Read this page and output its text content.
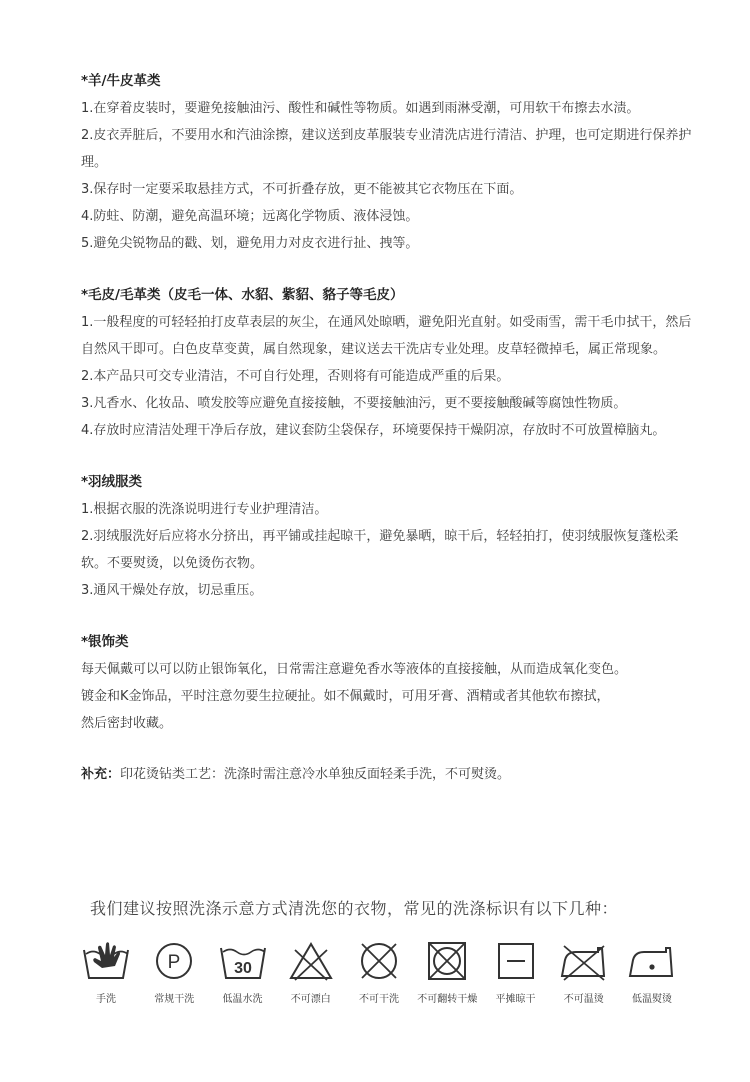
*羊/牛皮革类

1.在穿着皮装时，要避免接触油污、酸性和碱性等物质。如遇到雨淋受潮，可用软干布擦去水渍。

2.皮衣弄脏后，不要用水和汽油涂擦，建议送到皮革服装专业清洗店进行清洁、护理，也可定期进行保养护理。

3.保存时一定要采取悬挂方式，不可折叠存放，更不能被其它衣物压在下面。

4.防蛀、防潮，避免高温环境；远离化学物质、液体浸蚀。

5.避免尖锐物品的戳、划，避免用力对皮衣进行扯、拽等。

*毛皮/毛革类（皮毛一体、水貂、紫貂、貉子等毛皮）

1.一般程度的可轻轻拍打皮草表层的灰尘，在通风处晾晒，避免阳光直射。如受雨雪，需干毛巾拭干，然后自然风干即可。白色皮草变黄，属自然现象，建议送去干洗店专业处理。皮草轻微掉毛，属正常现象。

2.本产品只可交专业清洁，不可自行处理，否则将有可能造成严重的后果。

3.凡香水、化妆品、喷发胶等应避免直接接触，不要接触油污，更不要接触酸碱等腐蚀性物质。

4.存放时应清洁处理干净后存放，建议套防尘袋保存，环境要保持干燥阴凉，存放时不可放置樟脑丸。

*羽绒服类

1.根据衣服的洗涤说明进行专业护理清洁。

2.羽绒服洗好后应将水分挤出，再平铺或挂起晾干，避免暴晒，晾干后，轻轻拍打，使羽绒服恢复蓬松柔软。不要熨烫，以免烫伤衣物。

3.通风干燥处存放，切忌重压。

*银饰类

每天佩戴可以可以防止银饰氧化，日常需注意避免香水等液体的直接接触，从而造成氧化变色。

镀金和K金饰品，平时注意勿要生拉硬扯。如不佩戴时，可用牙膏、酒精或者其他软布擦拭，

然后密封收藏。

补充：印花烫钻类工艺：洗涤时需注意冷水单独反面轻柔手洗，不可熨烫。
我们建议按照洗涤示意方式清洗您的衣物，常见的洗涤标识有以下几种：
手洗
P
常规干洗
30
低温水洗	不可漂白	不可干洗 不可翻转干燥 平摊晾干	不可温烫	低温熨烫
